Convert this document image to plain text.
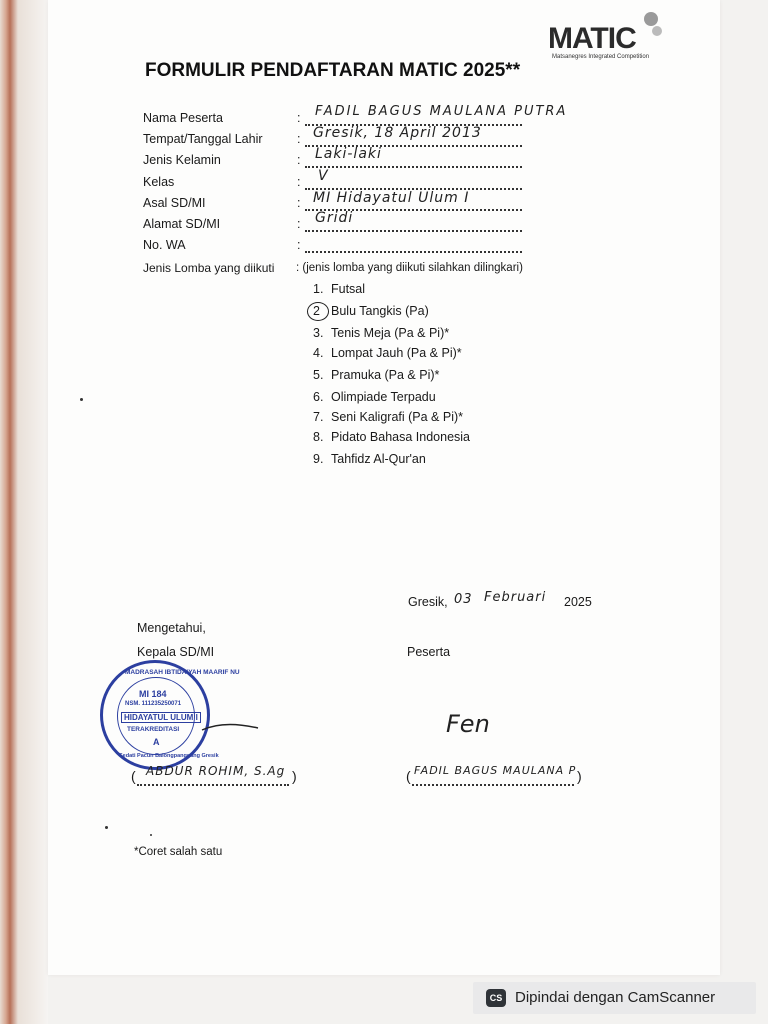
MATIC
Matsanegres Integrated Competition
FORMULIR PENDAFTARAN MATIC 2025**
Nama Peserta	: FADIL BAGUS MAULANA PUTRA
Tempat/Tanggal Lahir	: Gresik, 18 April 2013
Jenis Kelamin	: Laki-laki
Kelas	: V
Asal SD/MI	: MI Hidayatul Ulum I
Alamat SD/MI	: Gridi
No. WA	:
Jenis Lomba yang diikuti : (jenis lomba yang diikuti silahkan dilingkari)
1. Futsal
2 Bulu Tangkis (Pa)
3. Tenis Meja (Pa & Pi)*
4. Lompat Jauh (Pa & Pi)*
5. Pramuka (Pa & Pi)*
6. Olimpiade Terpadu
7. Seni Kaligrafi (Pa & Pi)*
8. Pidato Bahasa Indonesia
9. Tahfidz Al-Qur'an
Gresik, 03 Februari 2025
Mengetahui,
Kepala SD/MI
MADRASAH IBTIDAIYAH MAARIF NU
MI 184
NSM. 111235250071
HIDAYATUL ULUM I
TERAKREDITASI
A
Sedati Pacun Balongpanggang Gresik
( ABDUR ROHIM, S.Ag )
Peserta
Fen
( FADIL BAGUS MAULANA P )
*Coret salah satu
CS Dipindai dengan CamScanner
